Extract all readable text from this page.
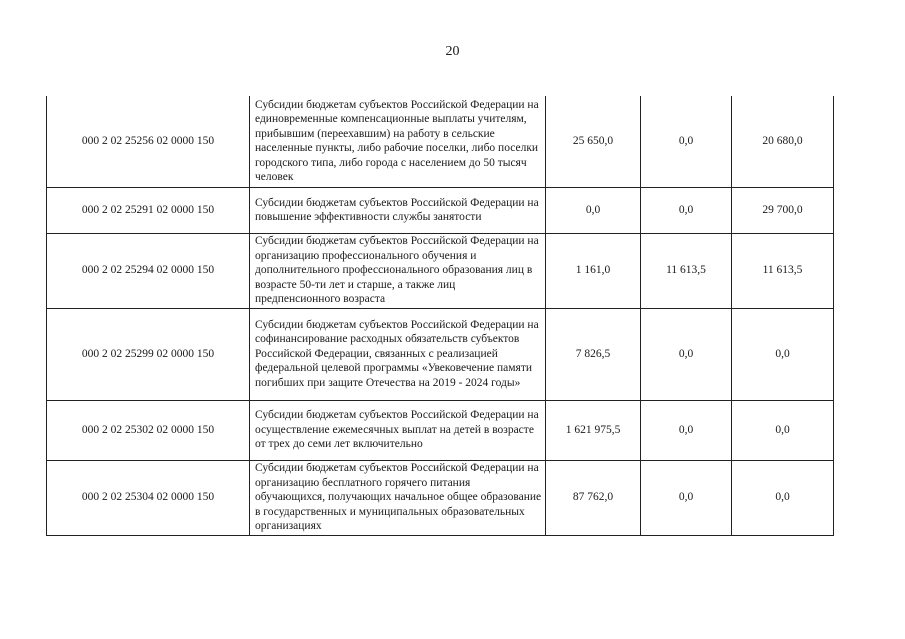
20
000 2 02 25256 02 0000 150	Субсидии бюджетам субъектов Российской Федерации на единовременные компенсационные выплаты учителям, прибывшим (переехавшим) на работу в сельские населенные пункты, либо рабочие поселки, либо поселки городского типа, либо города с населением до 50 тысяч человек	25 650,0	0,0	20 680,0
000 2 02 25291 02 0000 150	Субсидии бюджетам субъектов Российской Федерации на повышение эффективности службы занятости	0,0	0,0	29 700,0
000 2 02 25294 02 0000 150	Субсидии бюджетам субъектов Российской Федерации на организацию профессионального обучения и дополнительного профессионального образования лиц в возрасте 50-ти лет и старше, а также лиц предпенсионного возраста	1 161,0	11 613,5	11 613,5
000 2 02 25299 02 0000 150	Субсидии бюджетам субъектов Российской Федерации на софинансирование расходных обязательств субъектов Российской Федерации, связанных с реализацией федеральной целевой программы «Увековечение памяти погибших при защите Отечества на 2019 - 2024 годы»	7 826,5	0,0	0,0
000 2 02 25302 02 0000 150	Субсидии бюджетам субъектов Российской Федерации на осуществление ежемесячных выплат на детей в возрасте от трех до семи лет включительно	1 621 975,5	0,0	0,0
000 2 02 25304 02 0000 150	Субсидии бюджетам субъектов Российской Федерации на организацию бесплатного горячего питания обучающихся, получающих начальное общее образование в государственных и муниципальных образовательных организациях	87 762,0	0,0	0,0
